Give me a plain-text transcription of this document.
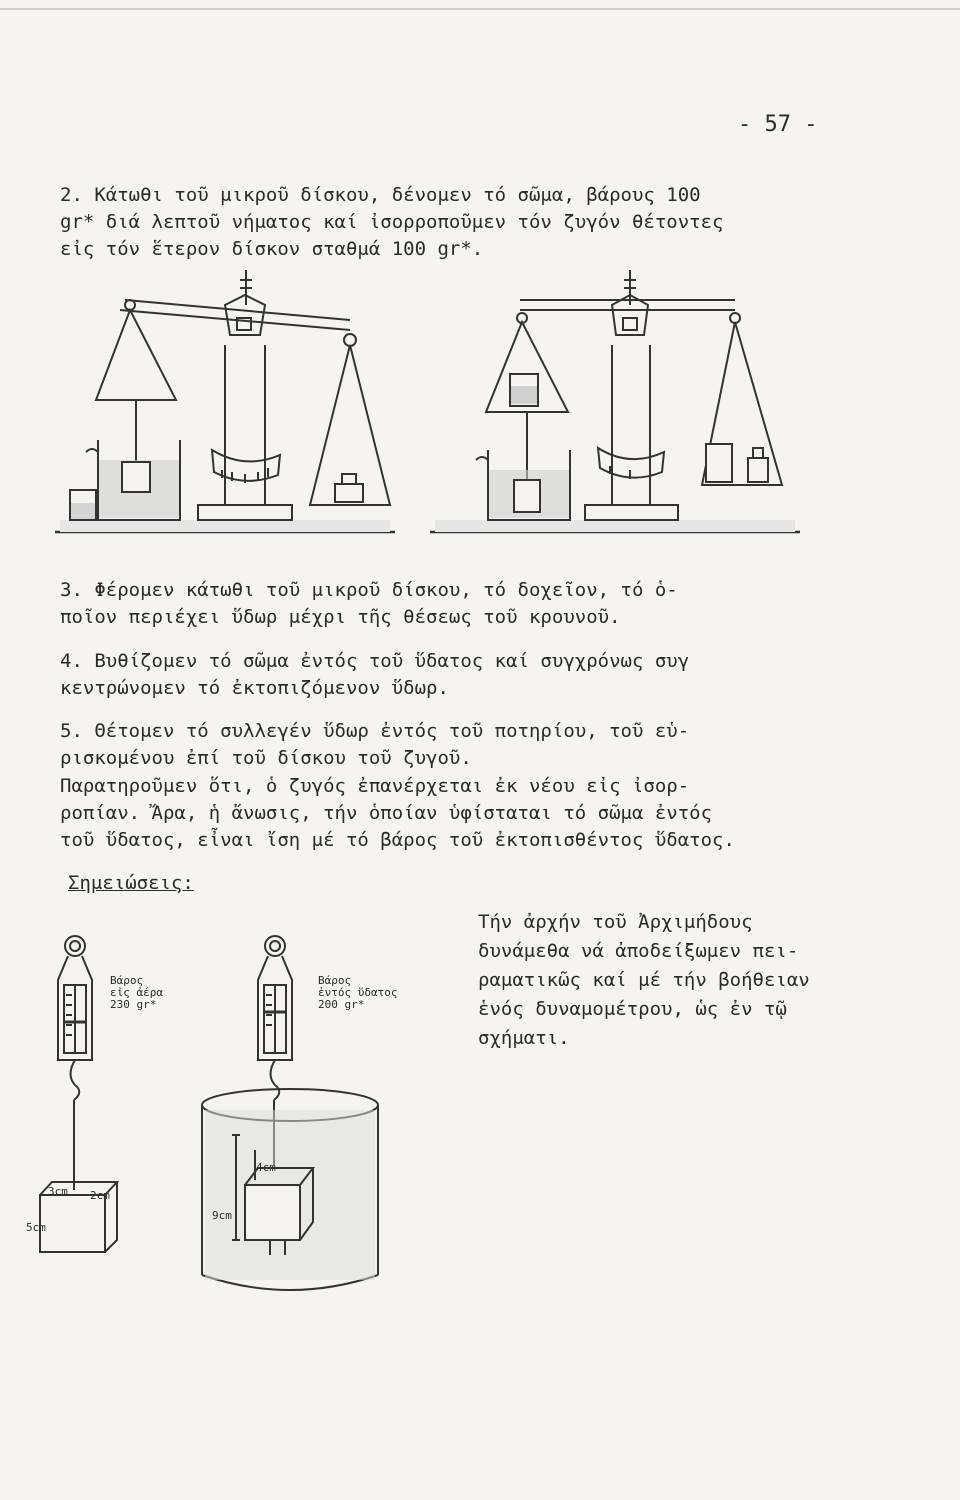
- 57 -
2. Κάτωθι τοῦ μικροῦ δίσκου, δένομεν τό σῶμα, βάρους 100
gr* διά λεπτοῦ νήματος καί ἰσορροποῦμεν τόν ζυγόν θέτοντες
εἰς τόν ἕτερον δίσκον σταθμά 100 gr*.
3. Φέρομεν κάτωθι τοῦ μικροῦ δίσκου, τό δοχεῖον, τό ὁ-
ποῖον περιέχει ὕδωρ μέχρι τῆς θέσεως τοῦ κρουνοῦ.
4. Βυθίζομεν τό σῶμα ἐντός τοῦ ὕδατος καί συγχρόνως συγ
κεντρώνομεν τό ἐκτοπιζόμενον ὕδωρ.
5. Θέτομεν τό συλλεγέν ὕδωρ ἐντός τοῦ ποτηρίου, τοῦ εὑ-
ρισκομένου ἐπί τοῦ δίσκου τοῦ ζυγοῦ.
Παρατηροῦμεν ὅτι, ὁ ζυγός ἐπανέρχεται ἐκ νέου εἰς ἰσορ-
ροπίαν. Ἄρα, ἡ ἄνωσις, τήν ὁποίαν ὑφίσταται τό σῶμα ἐντός
τοῦ ὕδατος, εἶναι ἴση μέ τό βάρος τοῦ ἐκτοπισθέντος ὕδατος.
Σημειώσεις:
Τήν ἀρχήν τοῦ Ἀρχιμήδους
δυνάμεθα νά ἀποδείξωμεν πει-
ραματικῶς καί μέ τήν βοήθειαν
ἑνός δυναμομέτρου, ὡς ἐν τῷ
σχήματι.
Βάρος
εἰς ἀέρα
230 gr*
Βάρος
ἐντός ὕδατος
200 gr*
3cm 2cm
5cm
4cm
9cm
